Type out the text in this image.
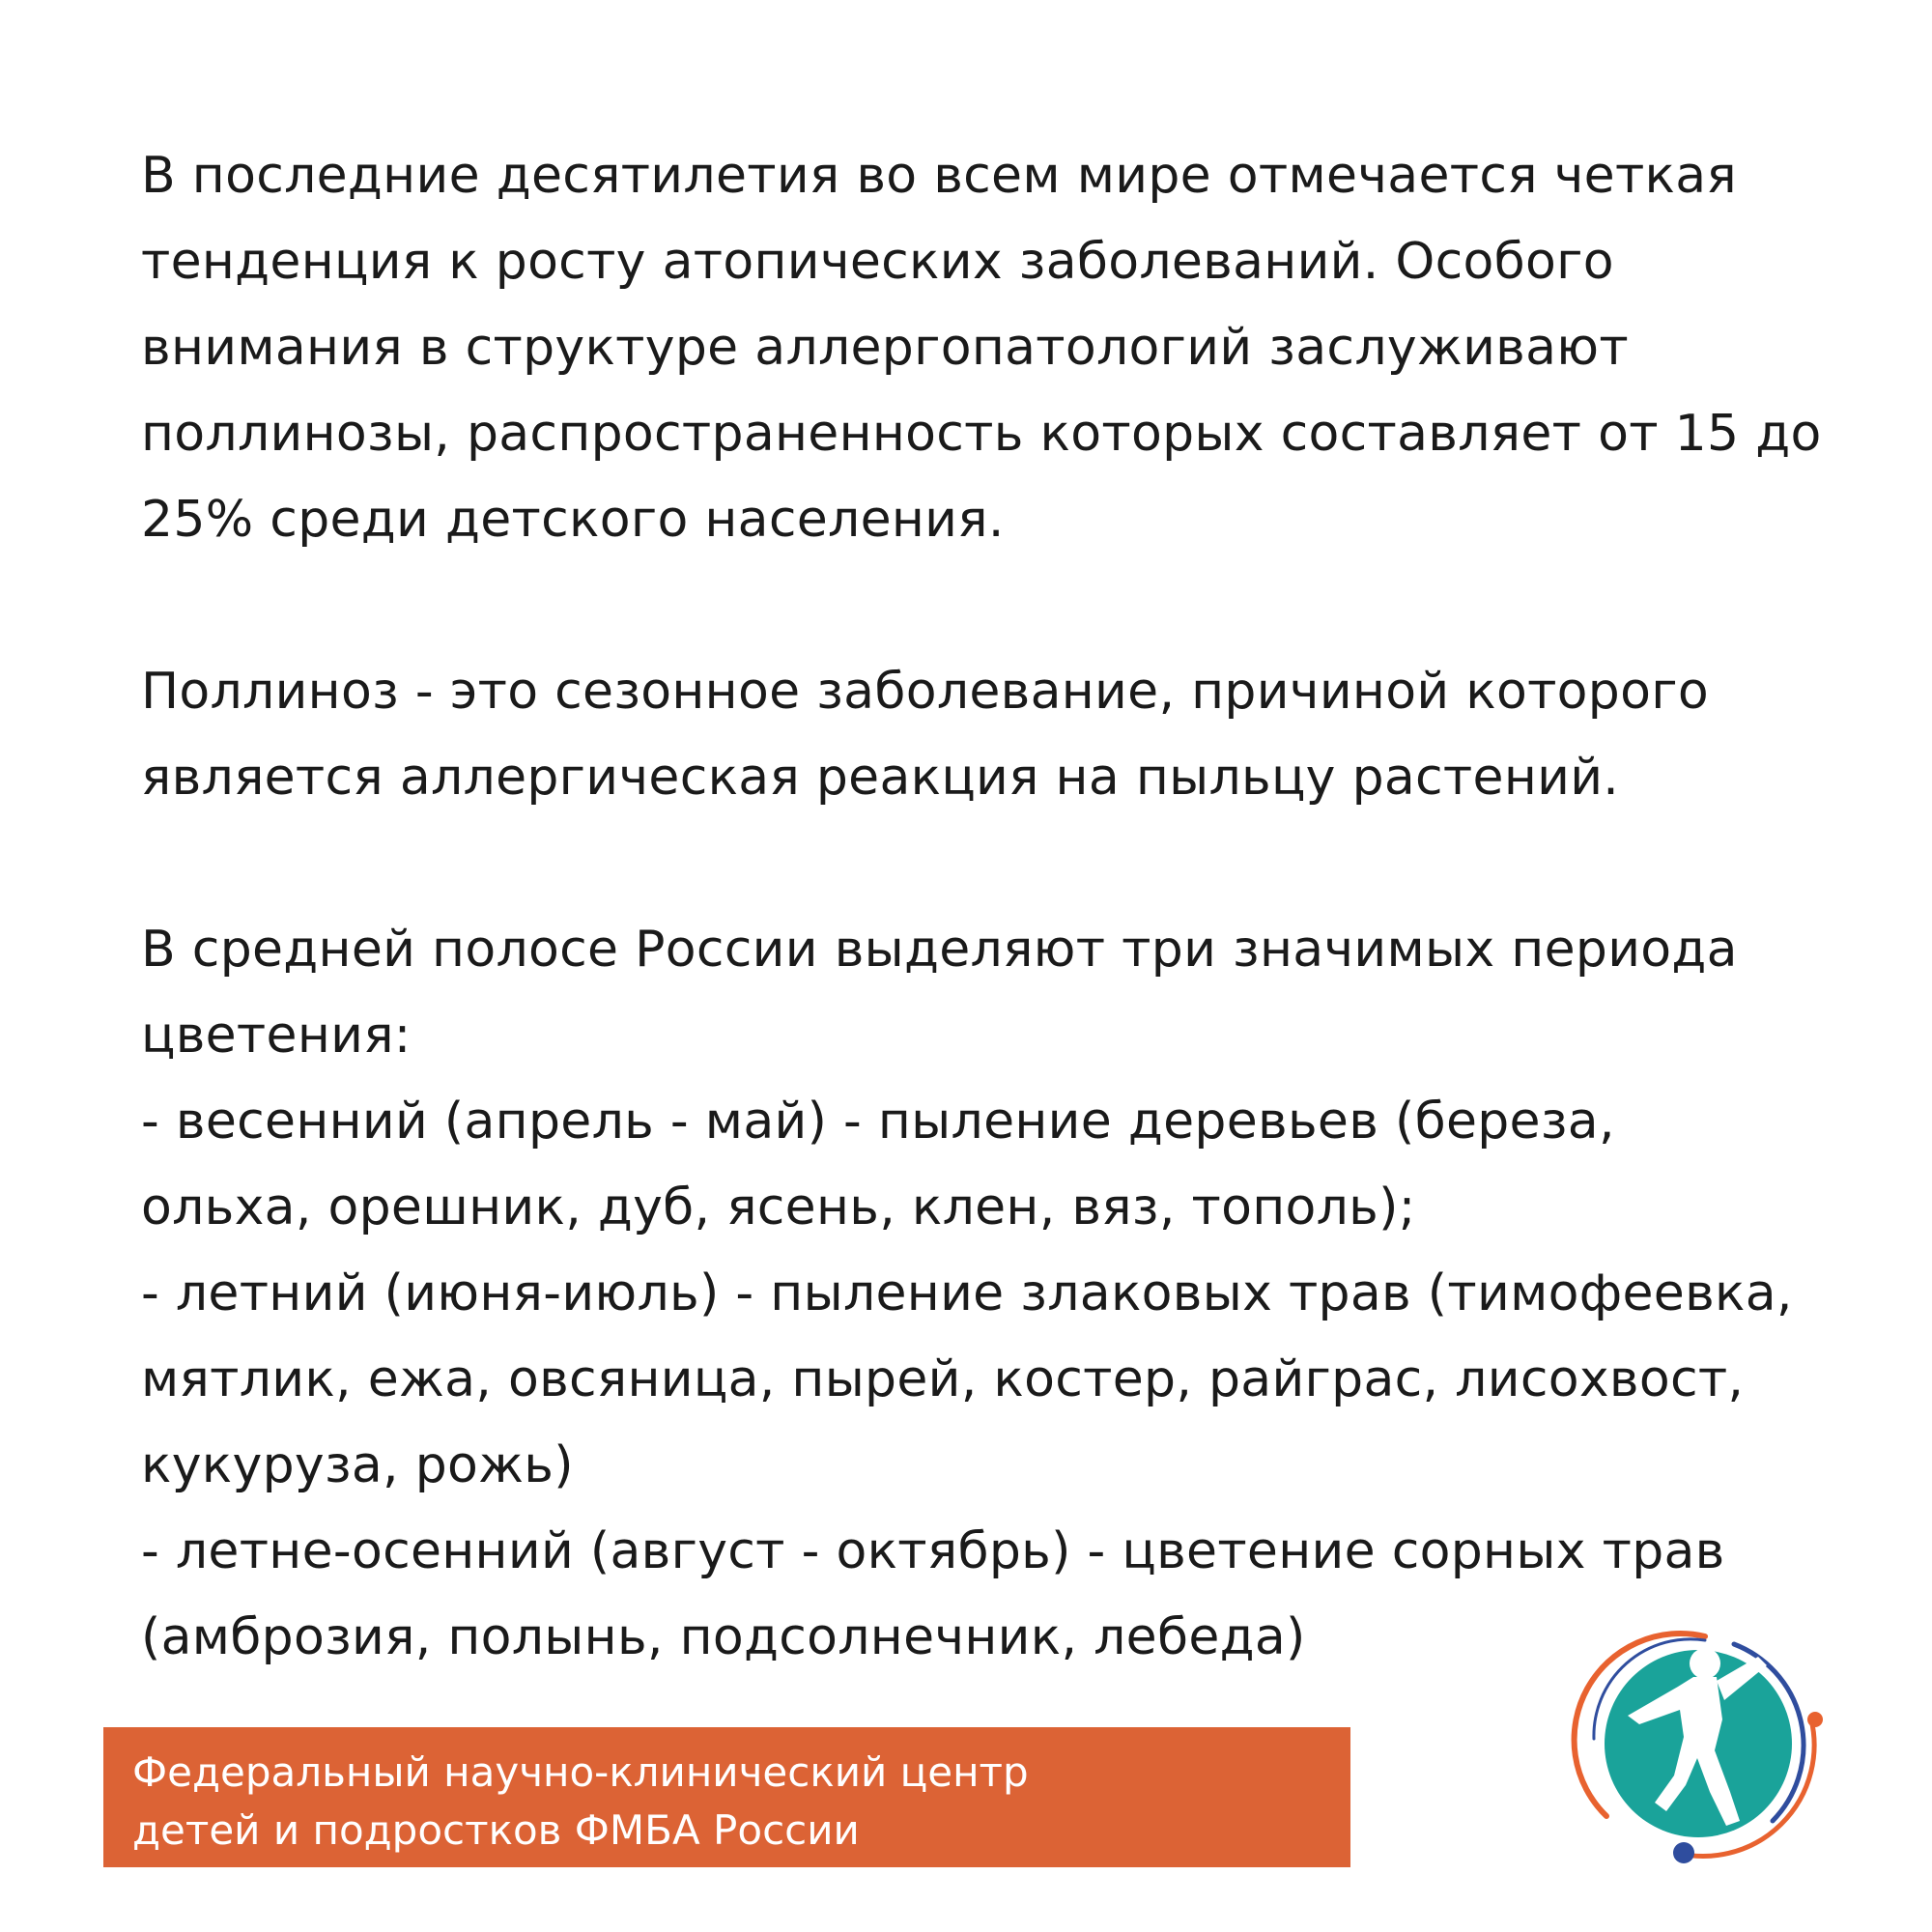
В последние десятилетия во всем мире отмечается четкая
тенденция к росту атопических заболеваний. Особого
внимания в структуре аллергопатологий заслуживают
поллинозы, распространенность которых составляет от 15 до
25% среди детского населения.

Поллиноз - это сезонное заболевание, причиной которого
является аллергическая реакция на пыльцу растений.

В средней полосе России выделяют три значимых периода
цветения:
- весенний (апрель - май) - пыление деревьев (береза,
ольха, орешник, дуб, ясень, клен, вяз, тополь);
- летний (июня-июль) - пыление злаковых трав (тимофеевка,
мятлик, ежа, овсяница, пырей, костер, райграс, лисохвост,
кукуруза, рожь)
- летне-осенний (август - октябрь) - цветение сорных трав
(амброзия, полынь, подсолнечник, лебеда)

Федеральный научно-клинический центр
детей и подростков ФМБА России
